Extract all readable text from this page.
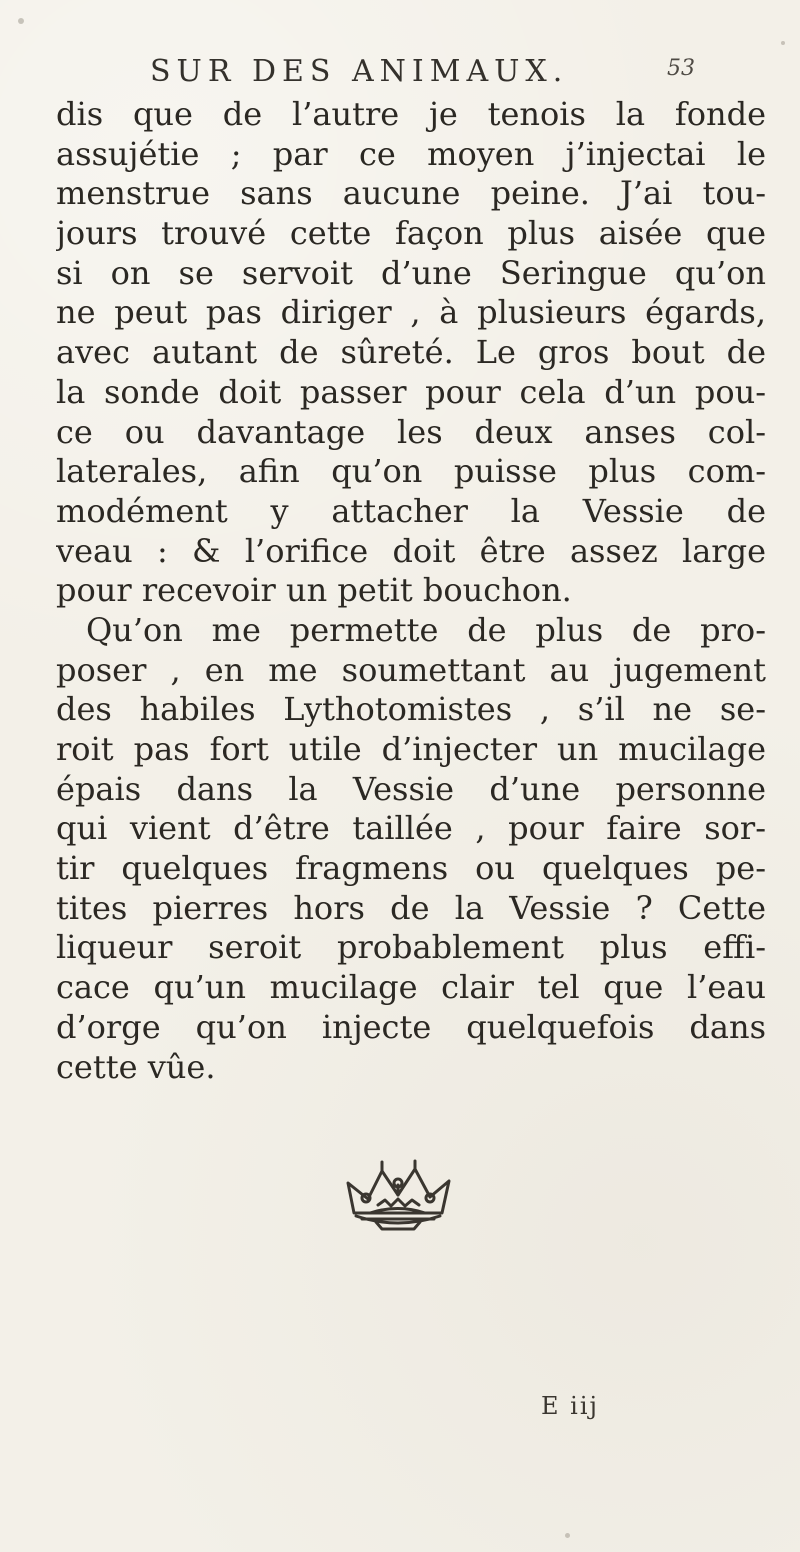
SUR DES ANIMAUX.	53
dis que de l’autre je tenois la fonde
assujétie ; par ce moyen j’injectai le
menstrue sans aucune peine. J’ai tou-
jours trouvé cette façon plus aisée que
si on se servoit d’une Seringue qu’on
ne peut pas diriger , à plusieurs égards,
avec autant de sûreté. Le gros bout de
la sonde doit passer pour cela d’un pou-
ce ou davantage les deux anses col-
laterales, afin qu’on puisse plus com-
modément y attacher la Vessie de
veau : & l’orifice doit être assez large
pour recevoir un petit bouchon.
Qu’on me permette de plus de pro-
poser , en me soumettant au jugement
des habiles Lythotomistes , s’il ne se-
roit pas fort utile d’injecter un mucilage
épais dans la Vessie d’une personne
qui vient d’être taillée , pour faire sor-
tir quelques fragmens ou quelques pe-
tites pierres hors de la Vessie ? Cette
liqueur seroit probablement plus effi-
cace qu’un mucilage clair tel que l’eau
d’orge qu’on injecte quelquefois dans
cette vûe.
E iij
